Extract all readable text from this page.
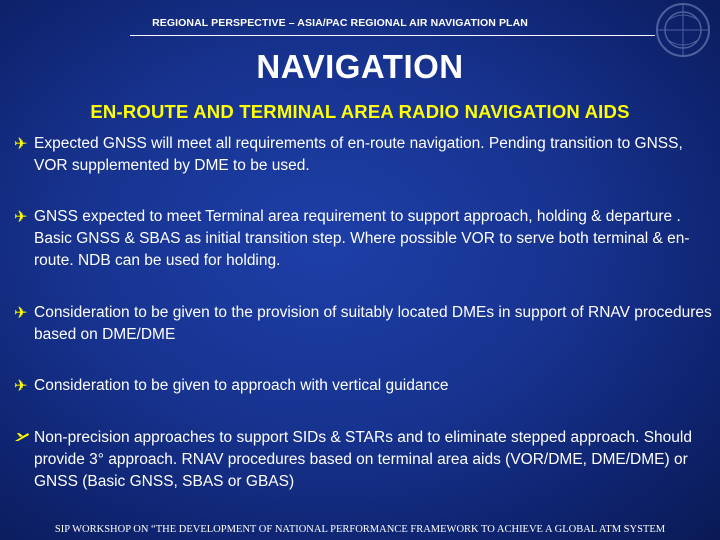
REGIONAL PERSPECTIVE – ASIA/PAC REGIONAL AIR NAVIGATION PLAN
NAVIGATION
EN-ROUTE AND TERMINAL AREA RADIO NAVIGATION AIDS
✈ Expected GNSS will meet all requirements of en-route navigation. Pending transition to GNSS, VOR supplemented by DME to be used.
✈ GNSS expected to meet Terminal area requirement to support approach, holding & departure . Basic GNSS & SBAS as initial transition step. Where possible VOR to serve both terminal & en-route. NDB can be used for holding.
✈ Consideration to be given to the provision of suitably located DMEs in support of RNAV procedures based on DME/DME
✈ Consideration to be given to approach with vertical guidance
Non-precision approaches to support SIDs & STARs and to eliminate stepped approach. Should provide 3° approach. RNAV procedures based on terminal area aids (VOR/DME, DME/DME) or GNSS (Basic GNSS, SBAS or GBAS)
SIP WORKSHOP ON “THE DEVELOPMENT OF NATIONAL PERFORMANCE FRAMEWORK TO ACHIEVE A GLOBAL ATM SYSTEM
